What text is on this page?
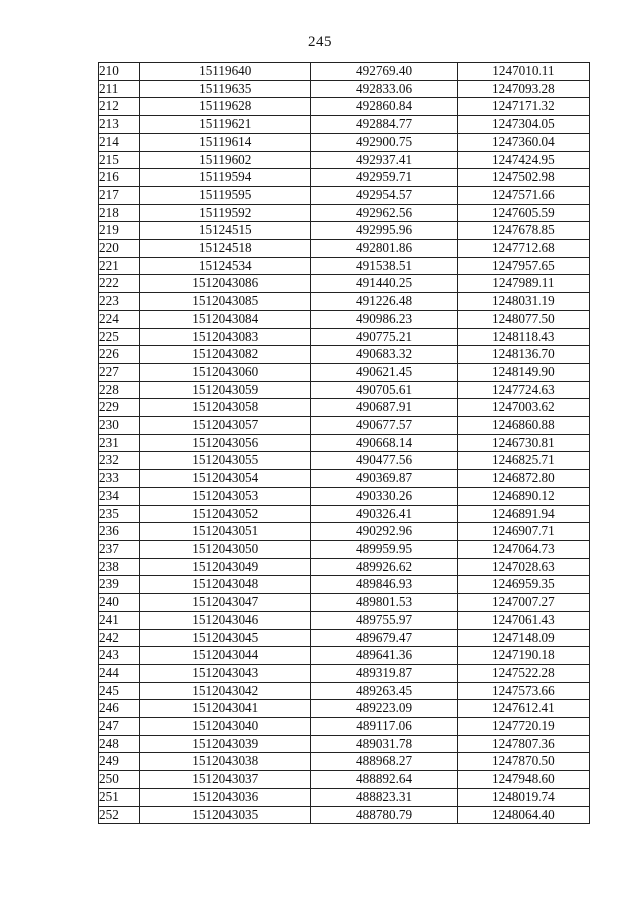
245
210	15119640	492769.40	1247010.11
211	15119635	492833.06	1247093.28
212	15119628	492860.84	1247171.32
213	15119621	492884.77	1247304.05
214	15119614	492900.75	1247360.04
215	15119602	492937.41	1247424.95
216	15119594	492959.71	1247502.98
217	15119595	492954.57	1247571.66
218	15119592	492962.56	1247605.59
219	15124515	492995.96	1247678.85
220	15124518	492801.86	1247712.68
221	15124534	491538.51	1247957.65
222	1512043086	491440.25	1247989.11
223	1512043085	491226.48	1248031.19
224	1512043084	490986.23	1248077.50
225	1512043083	490775.21	1248118.43
226	1512043082	490683.32	1248136.70
227	1512043060	490621.45	1248149.90
228	1512043059	490705.61	1247724.63
229	1512043058	490687.91	1247003.62
230	1512043057	490677.57	1246860.88
231	1512043056	490668.14	1246730.81
232	1512043055	490477.56	1246825.71
233	1512043054	490369.87	1246872.80
234	1512043053	490330.26	1246890.12
235	1512043052	490326.41	1246891.94
236	1512043051	490292.96	1246907.71
237	1512043050	489959.95	1247064.73
238	1512043049	489926.62	1247028.63
239	1512043048	489846.93	1246959.35
240	1512043047	489801.53	1247007.27
241	1512043046	489755.97	1247061.43
242	1512043045	489679.47	1247148.09
243	1512043044	489641.36	1247190.18
244	1512043043	489319.87	1247522.28
245	1512043042	489263.45	1247573.66
246	1512043041	489223.09	1247612.41
247	1512043040	489117.06	1247720.19
248	1512043039	489031.78	1247807.36
249	1512043038	488968.27	1247870.50
250	1512043037	488892.64	1247948.60
251	1512043036	488823.31	1248019.74
252	1512043035	488780.79	1248064.40
